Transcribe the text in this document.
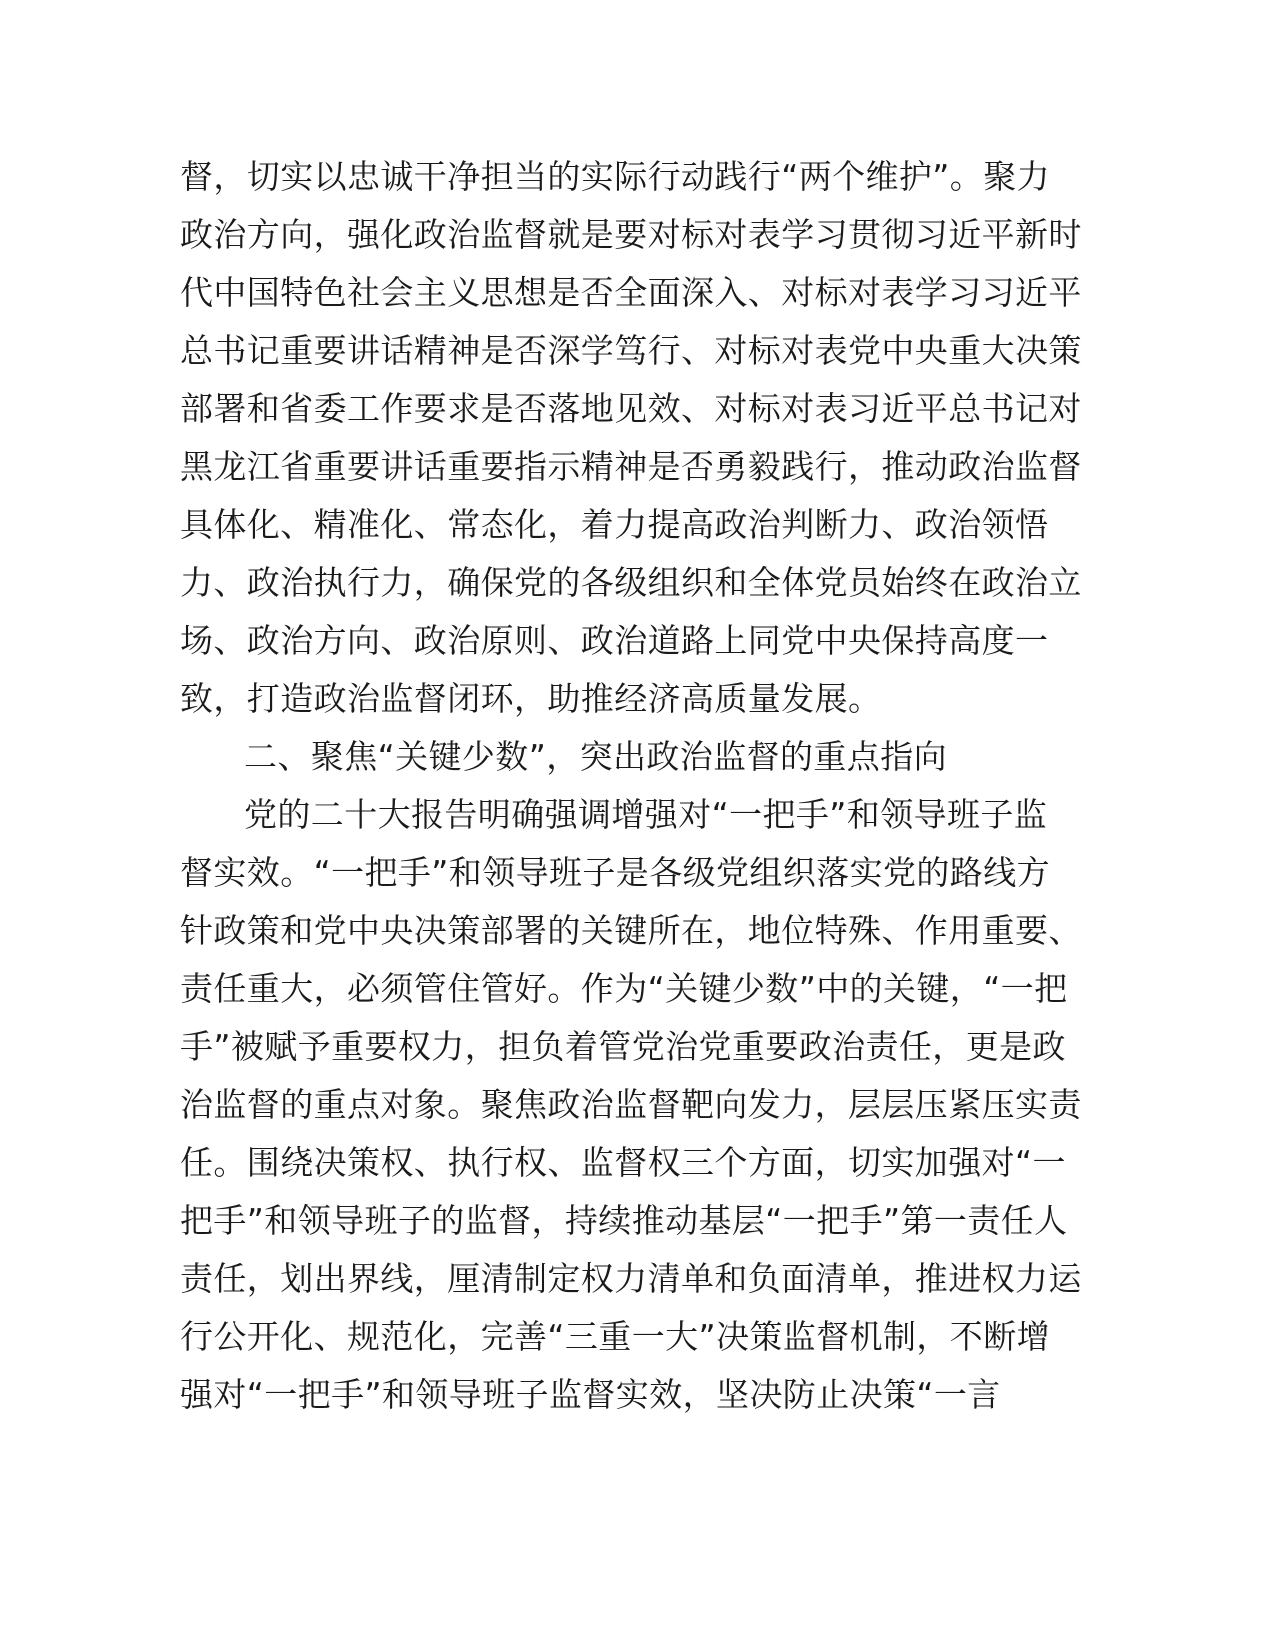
督，切实以忠诚干净担当的实际行动践行“两个维护”。聚力
政治方向，强化政治监督就是要对标对表学习贯彻习近平新时
代中国特色社会主义思想是否全面深入、对标对表学习习近平
总书记重要讲话精神是否深学笃行、对标对表党中央重大决策
部署和省委工作要求是否落地见效、对标对表习近平总书记对
黑龙江省重要讲话重要指示精神是否勇毅践行，推动政治监督
具体化、精准化、常态化，着力提高政治判断力、政治领悟
力、政治执行力，确保党的各级组织和全体党员始终在政治立
场、政治方向、政治原则、政治道路上同党中央保持高度一
致，打造政治监督闭环，助推经济高质量发展。
二、聚焦“关键少数”，突出政治监督的重点指向
党的二十大报告明确强调增强对“一把手”和领导班子监
督实效。“一把手”和领导班子是各级党组织落实党的路线方
针政策和党中央决策部署的关键所在，地位特殊、作用重要、
责任重大，必须管住管好。作为“关键少数”中的关键，“一把
手”被赋予重要权力，担负着管党治党重要政治责任，更是政
治监督的重点对象。聚焦政治监督靶向发力，层层压紧压实责
任。围绕决策权、执行权、监督权三个方面，切实加强对“一
把手”和领导班子的监督，持续推动基层“一把手”第一责任人
责任，划出界线，厘清制定权力清单和负面清单，推进权力运
行公开化、规范化，完善“三重一大”决策监督机制，不断增
强对“一把手”和领导班子监督实效，坚决防止决策“一言
